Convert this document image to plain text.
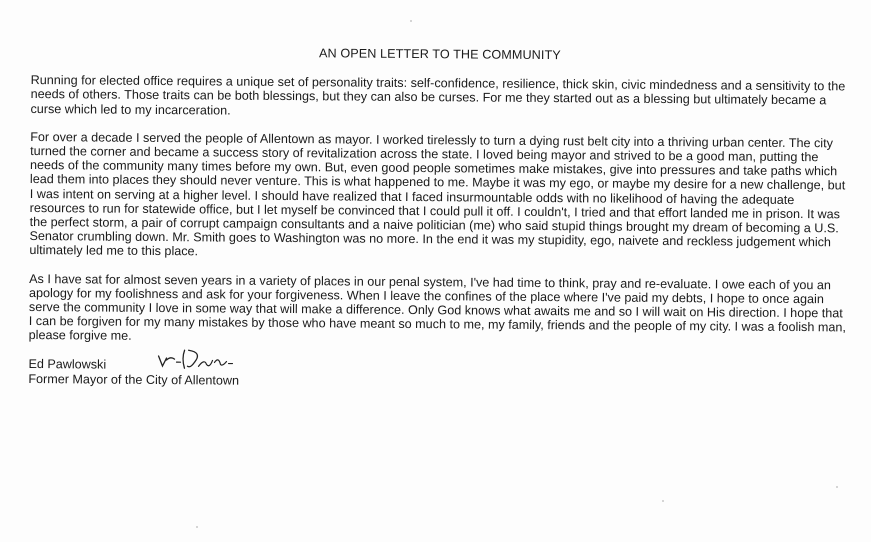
AN OPEN LETTER TO THE COMMUNITY

Running for elected office requires a unique set of personality traits: self-confidence, resilience, thick skin, civic mindedness and a sensitivity to the needs of others. Those traits can be both blessings, but they can also be curses. For me they started out as a blessing but ultimately became a curse which led to my incarceration.

For over a decade I served the people of Allentown as mayor. I worked tirelessly to turn a dying rust belt city into a thriving urban center. The city turned the corner and became a success story of revitalization across the state. I loved being mayor and strived to be a good man, putting the needs of the community many times before my own. But, even good people sometimes make mistakes, give into pressures and take paths which lead them into places they should never venture. This is what happened to me. Maybe it was my ego, or maybe my desire for a new challenge, but I was intent on serving at a higher level. I should have realized that I faced insurmountable odds with no likelihood of having the adequate resources to run for statewide office, but I let myself be convinced that I could pull it off. I couldn't, I tried and that effort landed me in prison. It was the perfect storm, a pair of corrupt campaign consultants and a naive politician (me) who said stupid things brought my dream of becoming a U.S. Senator crumbling down. Mr. Smith goes to Washington was no more. In the end it was my stupidity, ego, naivete and reckless judgement which ultimately led me to this place.

As I have sat for almost seven years in a variety of places in our penal system, I've had time to think, pray and re-evaluate. I owe each of you an apology for my foolishness and ask for your forgiveness. When I leave the confines of the place where I've paid my debts, I hope to once again serve the community I love in some way that will make a difference. Only God knows what awaits me and so I will wait on His direction. I hope that I can be forgiven for my many mistakes by those who have meant so much to me, my family, friends and the people of my city. I was a foolish man, please forgive me.

Ed Pawlowski
Former Mayor of the City of Allentown
